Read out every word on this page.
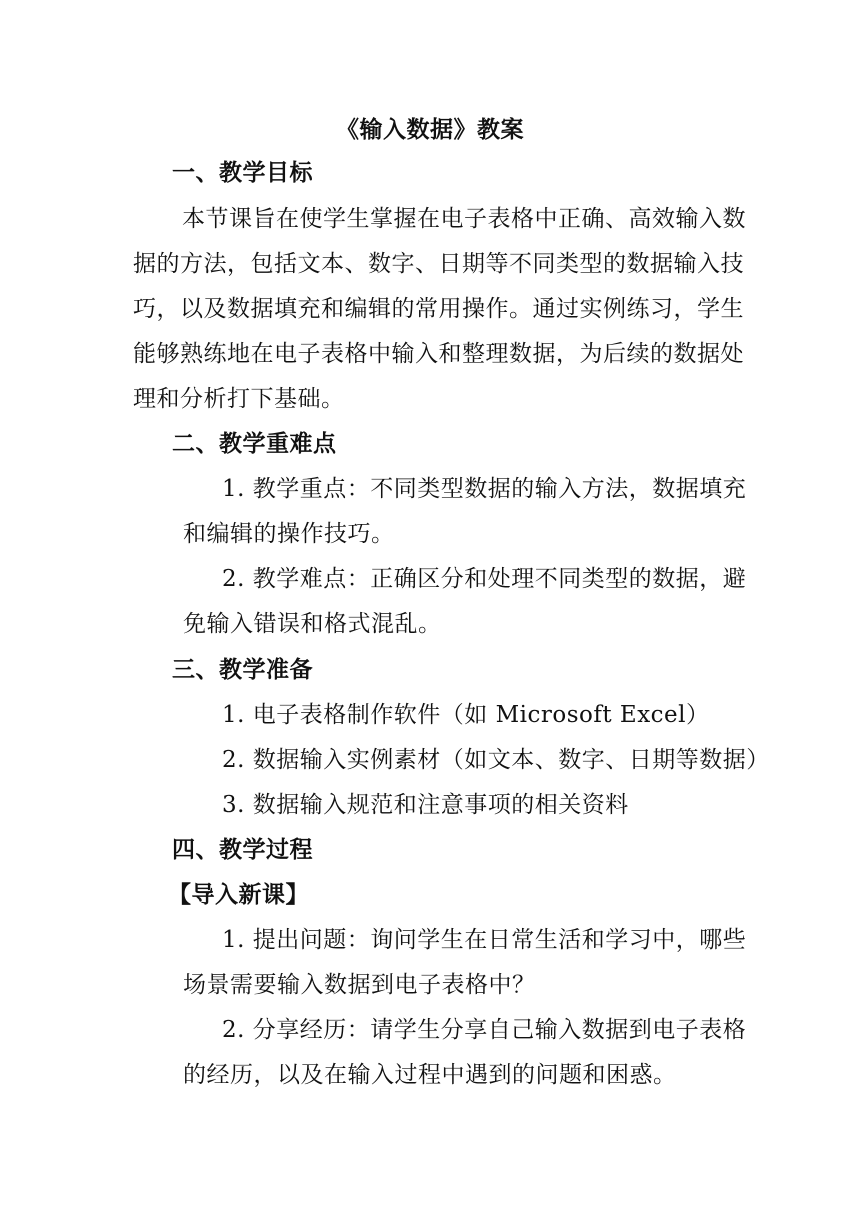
《输入数据》教案
一、教学目标
本节课旨在使学生掌握在电子表格中正确、高效输入数
据的方法，包括文本、数字、日期等不同类型的数据输入技
巧，以及数据填充和编辑的常用操作。通过实例练习，学生
能够熟练地在电子表格中输入和整理数据，为后续的数据处
理和分析打下基础。
二、教学重难点
1. 教学重点：不同类型数据的输入方法，数据填充
和编辑的操作技巧。
2. 教学难点：正确区分和处理不同类型的数据，避
免输入错误和格式混乱。
三、教学准备
1. 电子表格制作软件（如 Microsoft Excel）
2. 数据输入实例素材（如文本、数字、日期等数据）
3. 数据输入规范和注意事项的相关资料
四、教学过程
【导入新课】
1. 提出问题：询问学生在日常生活和学习中，哪些
场景需要输入数据到电子表格中？
2. 分享经历：请学生分享自己输入数据到电子表格
的经历，以及在输入过程中遇到的问题和困惑。
